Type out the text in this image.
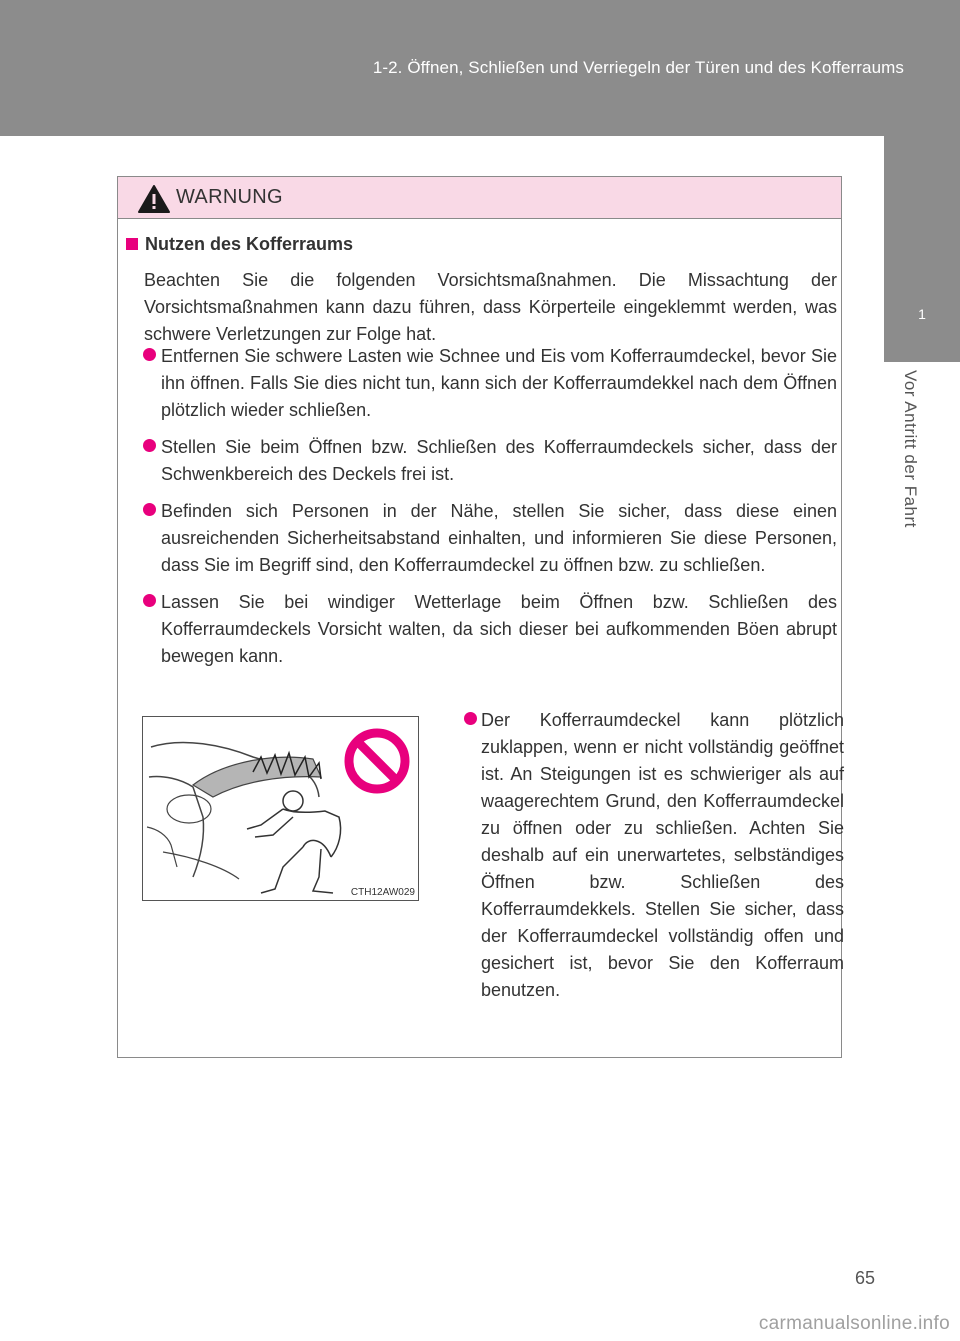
1-2. Öffnen, Schließen und Verriegeln der Türen und des Kofferraums
1
Vor Antritt der Fahrt
WARNUNG
Nutzen des Kofferraums
Beachten Sie die folgenden Vorsichtsmaßnahmen. Die Missachtung der Vorsichtsmaßnahmen kann dazu führen, dass Körperteile eingeklemmt werden, was schwere Verletzungen zur Folge hat.
Entfernen Sie schwere Lasten wie Schnee und Eis vom Kofferraumdeckel, bevor Sie ihn öffnen. Falls Sie dies nicht tun, kann sich der Kofferraumdekkel nach dem Öffnen plötzlich wieder schließen.
Stellen Sie beim Öffnen bzw. Schließen des Kofferraumdeckels sicher, dass der Schwenkbereich des Deckels frei ist.
Befinden sich Personen in der Nähe, stellen Sie sicher, dass diese einen ausreichenden Sicherheitsabstand einhalten, und informieren Sie diese Personen, dass Sie im Begriff sind, den Kofferraumdeckel zu öffnen bzw. zu schließen.
Lassen Sie bei windiger Wetterlage beim Öffnen bzw. Schließen des Kofferraumdeckels Vorsicht walten, da sich dieser bei aufkommenden Böen abrupt bewegen kann.
CTH12AW029
Der Kofferraumdeckel kann plötzlich zuklappen, wenn er nicht vollständig geöffnet ist. An Steigungen ist es schwieriger als auf waagerechtem Grund, den Kofferraumdeckel zu öffnen oder zu schließen. Achten Sie deshalb auf ein unerwartetes, selbständiges Öffnen bzw. Schließen des Kofferraumdekkels. Stellen Sie sicher, dass der Kofferraumdeckel vollständig offen und gesichert ist, bevor Sie den Kofferraum benutzen.
65
carmanualsonline.info
